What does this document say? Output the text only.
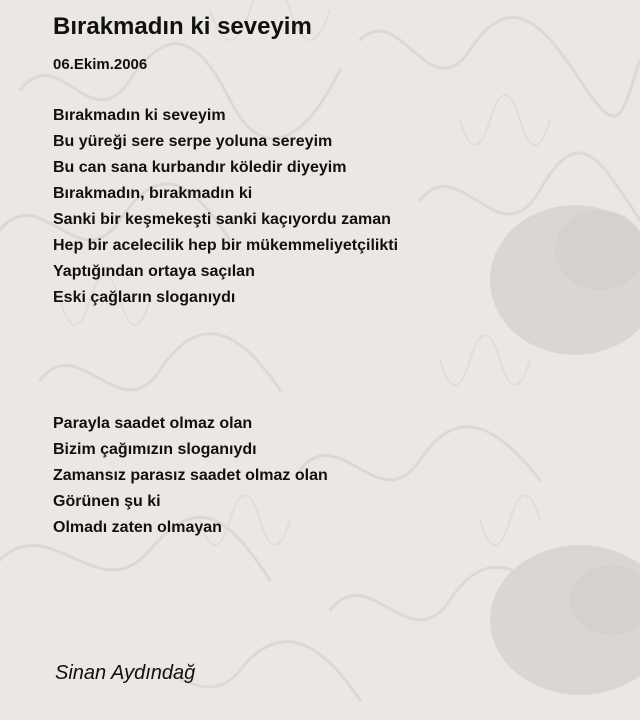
Bırakmadın ki seveyim
06.Ekim.2006
Bırakmadın ki seveyim
Bu yüreği sere serpe yoluna sereyim
Bu can sana kurbandır köledir diyeyim
Bırakmadın, bırakmadın ki
Sanki bir keşmekeşti sanki kaçıyordu zaman
Hep bir acelecilik hep bir mükemmeliyetçilikti
Yaptığından ortaya saçılan
Eski çağların sloganıydı
Parayla saadet olmaz olan
Bizim çağımızın sloganıydı
Zamansız parasız saadet olmaz olan
Görünen şu ki
Olmadı zaten olmayan
Sinan Aydındağ
